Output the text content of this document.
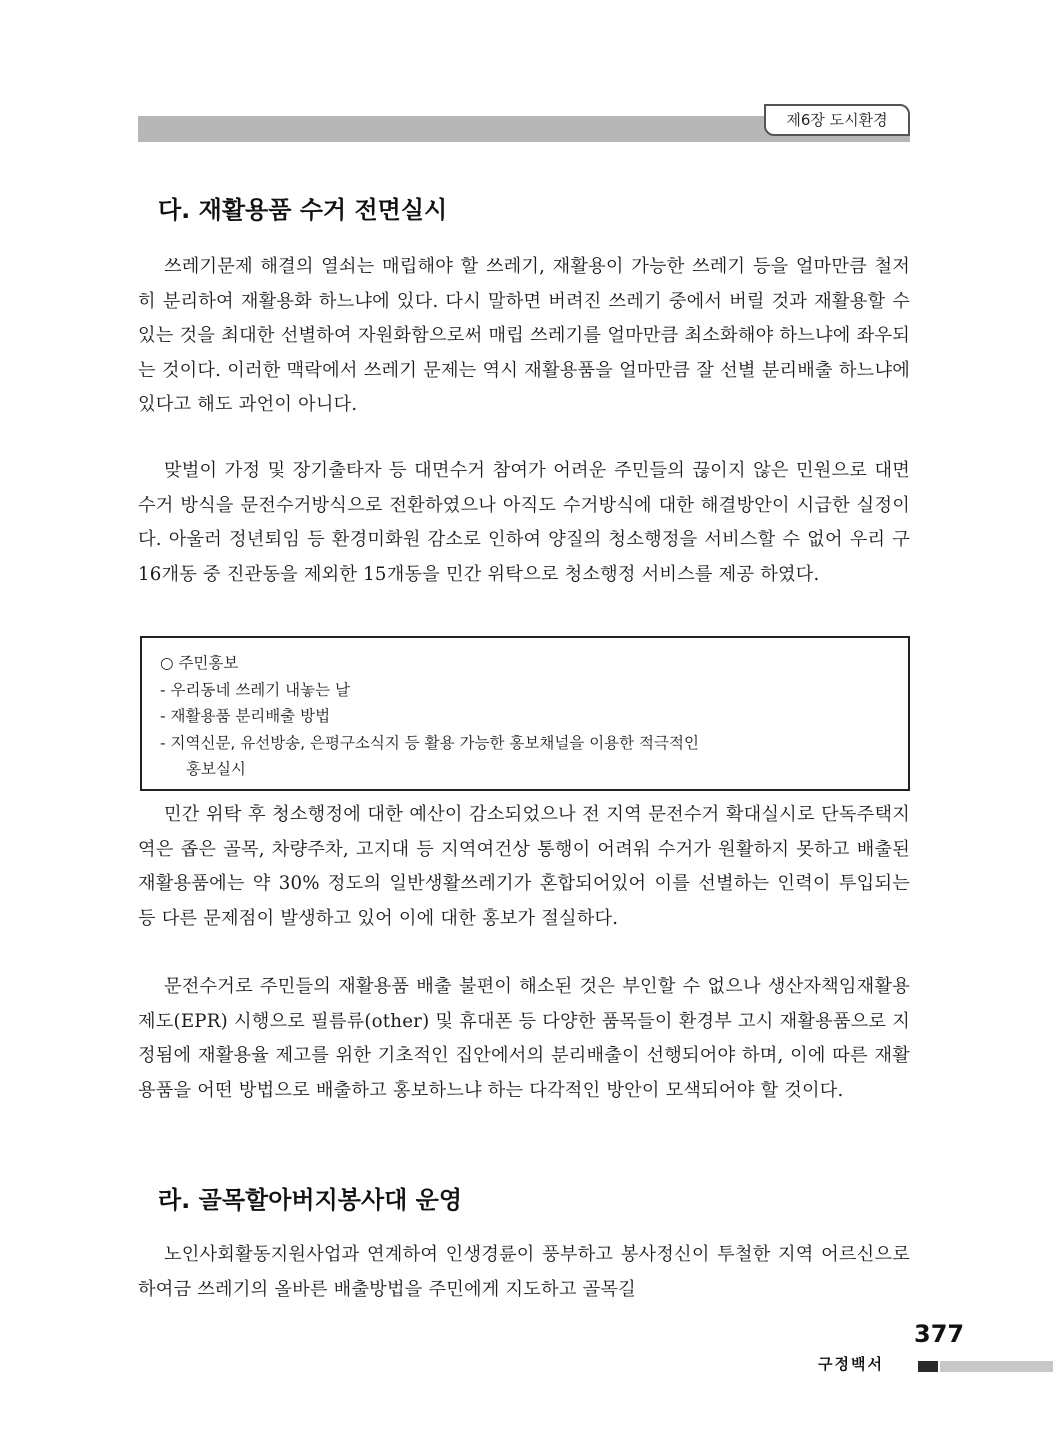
제6장 도시환경
다. 재활용품 수거 전면실시

쓰레기문제 해결의 열쇠는 매립해야 할 쓰레기, 재활용이 가능한 쓰레기 등을 얼마만큼 철저히 분리하여 재활용화 하느냐에 있다. 다시 말하면 버려진 쓰레기 중에서 버릴 것과 재활용할 수 있는 것을 최대한 선별하여 자원화함으로써 매립 쓰레기를 얼마만큼 최소화해야 하느냐에 좌우되는 것이다. 이러한 맥락에서 쓰레기 문제는 역시 재활용품을 얼마만큼 잘 선별 분리배출 하느냐에 있다고 해도 과언이 아니다.

맞벌이 가정 및 장기출타자 등 대면수거 참여가 어려운 주민들의 끊이지 않은 민원으로 대면수거 방식을 문전수거방식으로 전환하였으나 아직도 수거방식에 대한 해결방안이 시급한 실정이다. 아울러 정년퇴임 등 환경미화원 감소로 인하여 양질의 청소행정을 서비스할 수 없어 우리 구 16개동 중 진관동을 제외한 15개동을 민간 위탁으로 청소행정 서비스를 제공 하였다.

○ 주민홍보
- 우리동네 쓰레기 내놓는 날
- 재활용품 분리배출 방법
- 지역신문, 유선방송, 은평구소식지 등 활용 가능한 홍보채널을 이용한 적극적인
홍보실시

민간 위탁 후 청소행정에 대한 예산이 감소되었으나 전 지역 문전수거 확대실시로 단독주택지역은 좁은 골목, 차량주차, 고지대 등 지역여건상 통행이 어려워 수거가 원활하지 못하고 배출된 재활용품에는 약 30% 정도의 일반생활쓰레기가 혼합되어있어 이를 선별하는 인력이 투입되는 등 다른 문제점이 발생하고 있어 이에 대한 홍보가 절실하다.

문전수거로 주민들의 재활용품 배출 불편이 해소된 것은 부인할 수 없으나 생산자책임재활용제도(EPR) 시행으로 필름류(other) 및 휴대폰 등 다양한 품목들이 환경부 고시 재활용품으로 지정됨에 재활용율 제고를 위한 기초적인 집안에서의 분리배출이 선행되어야 하며, 이에 따른 재활용품을 어떤 방법으로 배출하고 홍보하느냐 하는 다각적인 방안이 모색되어야 할 것이다.

라. 골목할아버지봉사대 운영

노인사회활동지원사업과 연계하여 인생경륜이 풍부하고 봉사정신이 투철한 지역 어르신으로 하여금 쓰레기의 올바른 배출방법을 주민에게 지도하고 골목길

377
구정백서
